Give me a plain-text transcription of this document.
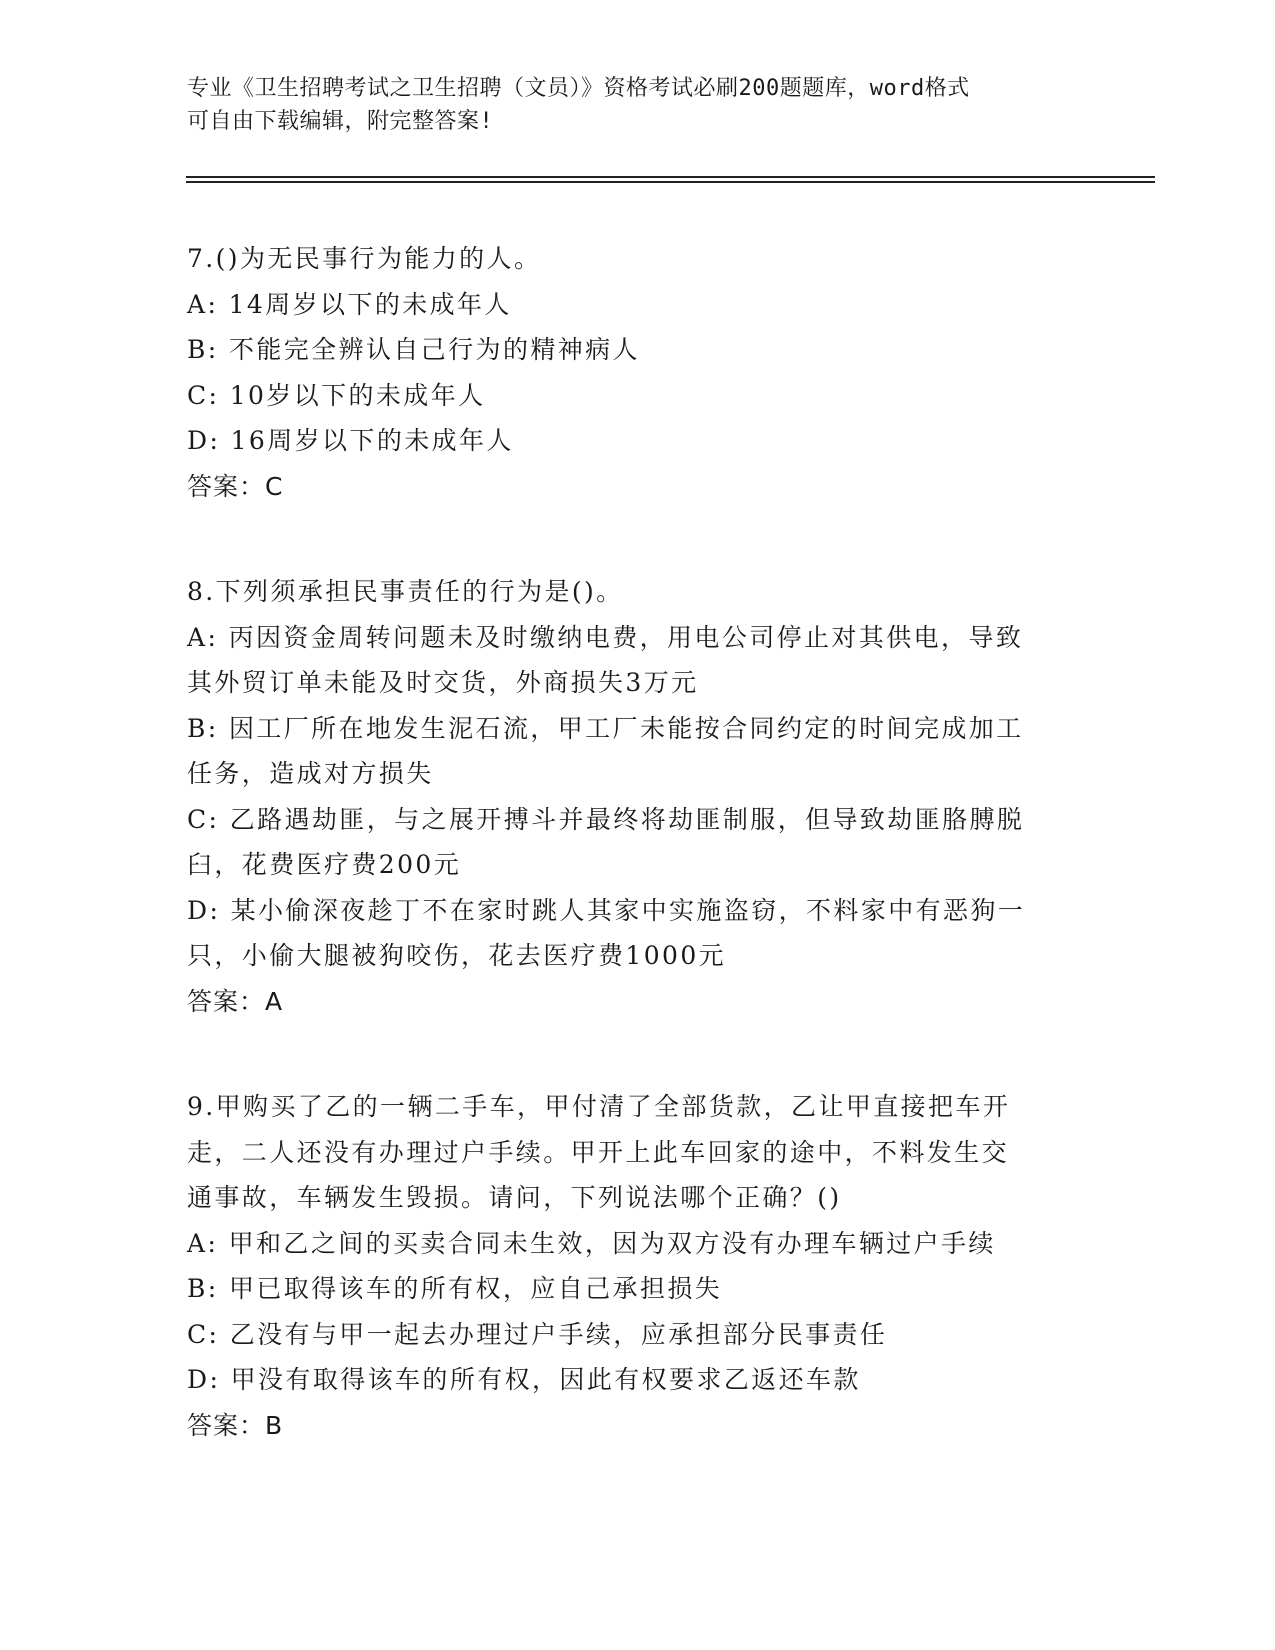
专业《卫生招聘考试之卫生招聘（文员）》资格考试必刷200题题库，word格式
可自由下载编辑，附完整答案!
7.()为无民事行为能力的人。
A: 14周岁以下的未成年人
B: 不能完全辨认自己行为的精神病人
C: 10岁以下的未成年人
D: 16周岁以下的未成年人
答案：C
8.下列须承担民事责任的行为是()。
A: 丙因资金周转问题未及时缴纳电费，用电公司停止对其供电，导致
其外贸订单未能及时交货，外商损失3万元
B: 因工厂所在地发生泥石流，甲工厂未能按合同约定的时间完成加工
任务，造成对方损失
C: 乙路遇劫匪，与之展开搏斗并最终将劫匪制服，但导致劫匪胳膊脱
臼，花费医疗费200元
D: 某小偷深夜趁丁不在家时跳人其家中实施盗窃，不料家中有恶狗一
只，小偷大腿被狗咬伤，花去医疗费1000元
答案：A
9.甲购买了乙的一辆二手车，甲付清了全部货款，乙让甲直接把车开
走，二人还没有办理过户手续。甲开上此车回家的途中，不料发生交
通事故，车辆发生毁损。请问，下列说法哪个正确？()
A: 甲和乙之间的买卖合同未生效，因为双方没有办理车辆过户手续
B: 甲已取得该车的所有权，应自己承担损失
C: 乙没有与甲一起去办理过户手续，应承担部分民事责任
D: 甲没有取得该车的所有权，因此有权要求乙返还车款
答案：B
